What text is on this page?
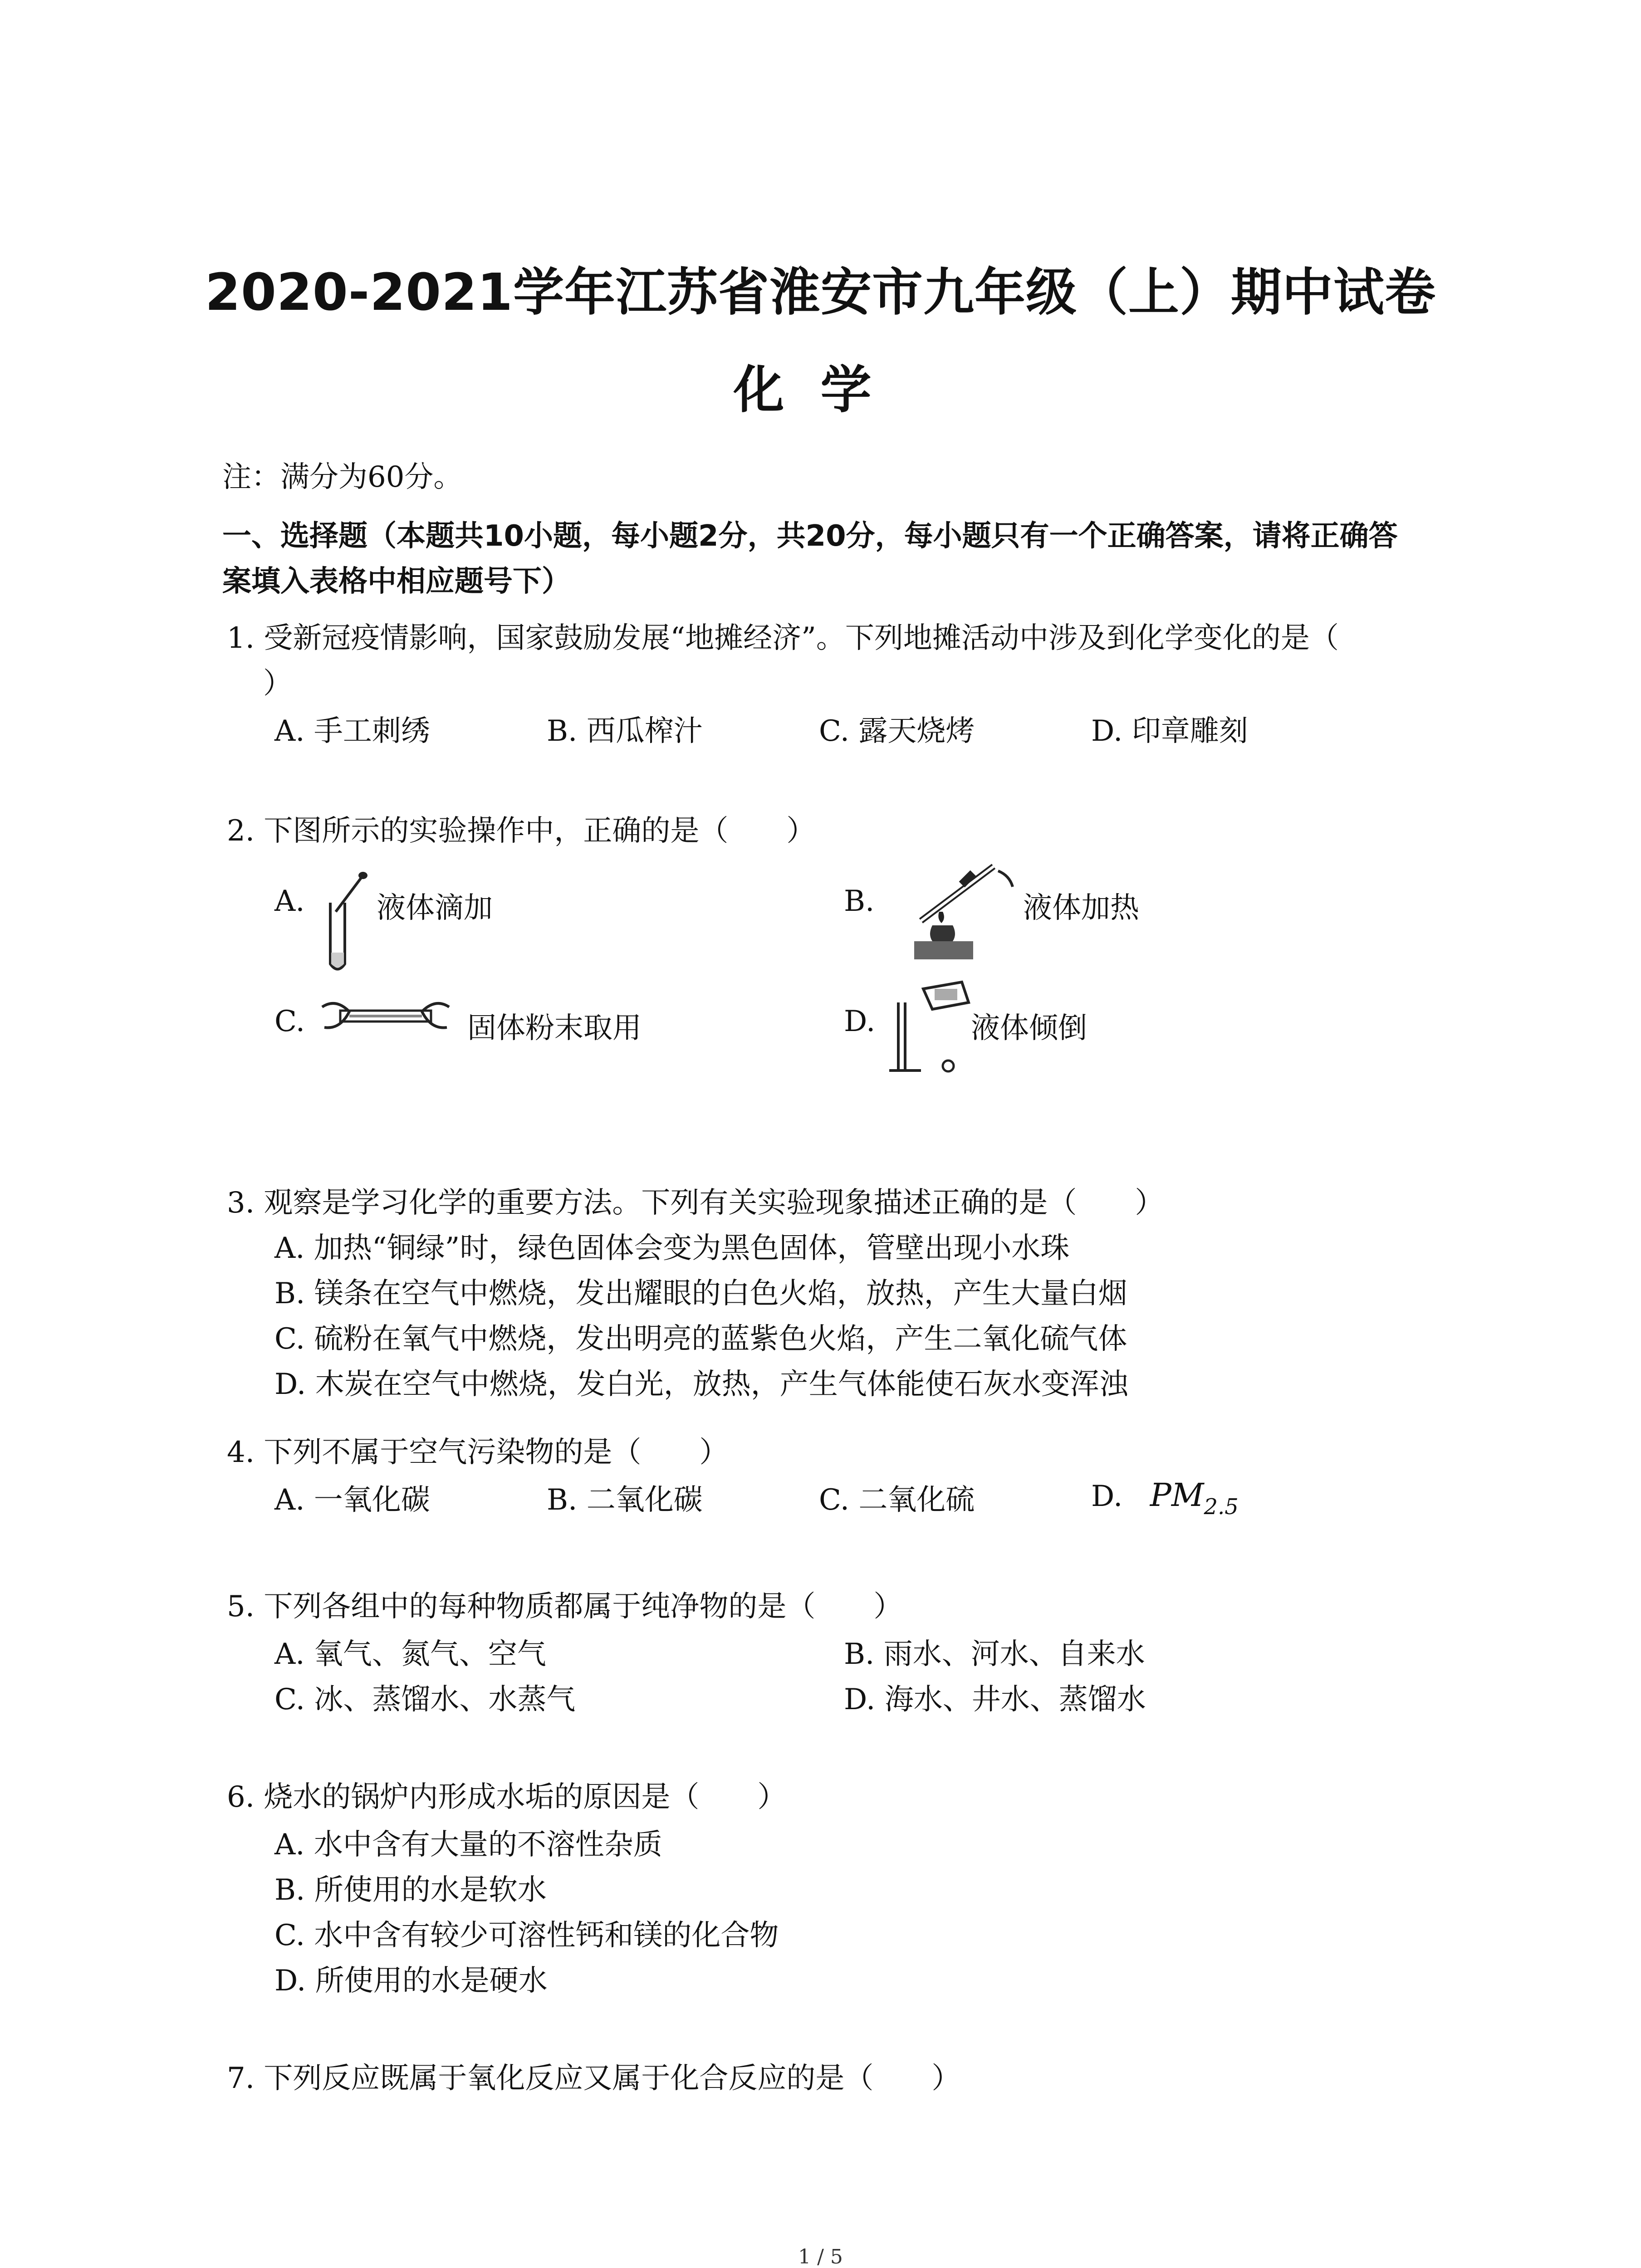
2020-2021学年江苏省淮安市九年级（上）期中试卷
化学
注：满分为60分。
一、选择题（本题共10小题，每小题2分，共20分，每小题只有一个正确答案，请将正确答
案填入表格中相应题号下）
1. 受新冠疫情影响，国家鼓励发展“地摊经济”。下列地摊活动中涉及到化学变化的是（
）
A. 手工刺绣	B. 西瓜榨汁	C. 露天烧烤	D. 印章雕刻
2. 下图所示的实验操作中，正确的是（　　）
A. 液体滴加	B.	液体加热
C.	固体粉末取用	D.	液体倾倒
3. 观察是学习化学的重要方法。下列有关实验现象描述正确的是（　　）
A. 加热“铜绿”时，绿色固体会变为黑色固体，管壁出现小水珠
B. 镁条在空气中燃烧，发出耀眼的白色火焰，放热，产生大量白烟
C. 硫粉在氧气中燃烧，发出明亮的蓝紫色火焰，产生二氧化硫气体
D. 木炭在空气中燃烧，发白光，放热，产生气体能使石灰水变浑浊
4. 下列不属于空气污染物的是（　　）
A. 一氧化碳	B. 二氧化碳	C. 二氧化硫	D. $PM_{2.5}$
5. 下列各组中的每种物质都属于纯净物的是（　　）
A. 氧气、氮气、空气	B. 雨水、河水、自来水
C. 冰、蒸馏水、水蒸气	D. 海水、井水、蒸馏水
6. 烧水的锅炉内形成水垢的原因是（　　）
A. 水中含有大量的不溶性杂质
B. 所使用的水是软水
C. 水中含有较少可溶性钙和镁的化合物
D. 所使用的水是硬水
7. 下列反应既属于氧化反应又属于化合反应的是（　　）
1 / 5
